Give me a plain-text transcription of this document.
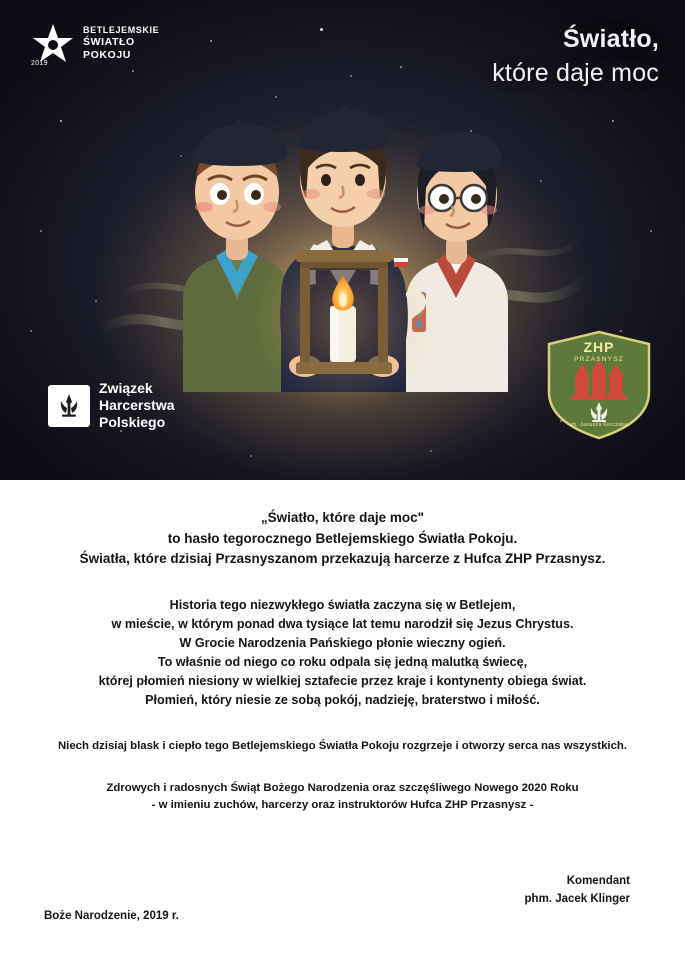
Światło,
które daje moc
2019
BETLEJEMSKIE
ŚWIATŁO
POKOJU
Związek
Harcerstwa
Polskiego
ZHP
PRZASNYSZ
im. Janusza Korczaka
„Światło, które daje moc"
to hasło tegorocznego Betlejemskiego Światła Pokoju.
Światła, które dzisiaj Przasnyszanom przekazują harcerze z Hufca ZHP Przasnysz.
Historia tego niezwykłego światła zaczyna się w Betlejem,
w mieście, w którym ponad dwa tysiące lat temu narodził się Jezus Chrystus.
W Grocie Narodzenia Pańskiego płonie wieczny ogień.
To właśnie od niego co roku odpala się jedną malutką świecę,
której płomień niesiony w wielkiej sztafecie przez kraje i kontynenty obiega świat.
Płomień, który niesie ze sobą pokój, nadzieję, braterstwo i miłość.
Niech dzisiaj blask i ciepło tego Betlejemskiego Światła Pokoju rozgrzeje i otworzy serca nas wszystkich.
Zdrowych i radosnych Świąt Bożego Narodzenia oraz szczęśliwego Nowego 2020 Roku
- w imieniu zuchów, harcerzy oraz instruktorów Hufca ZHP Przasnysz -
Komendant
phm. Jacek Klinger
Boże Narodzenie, 2019 r.
